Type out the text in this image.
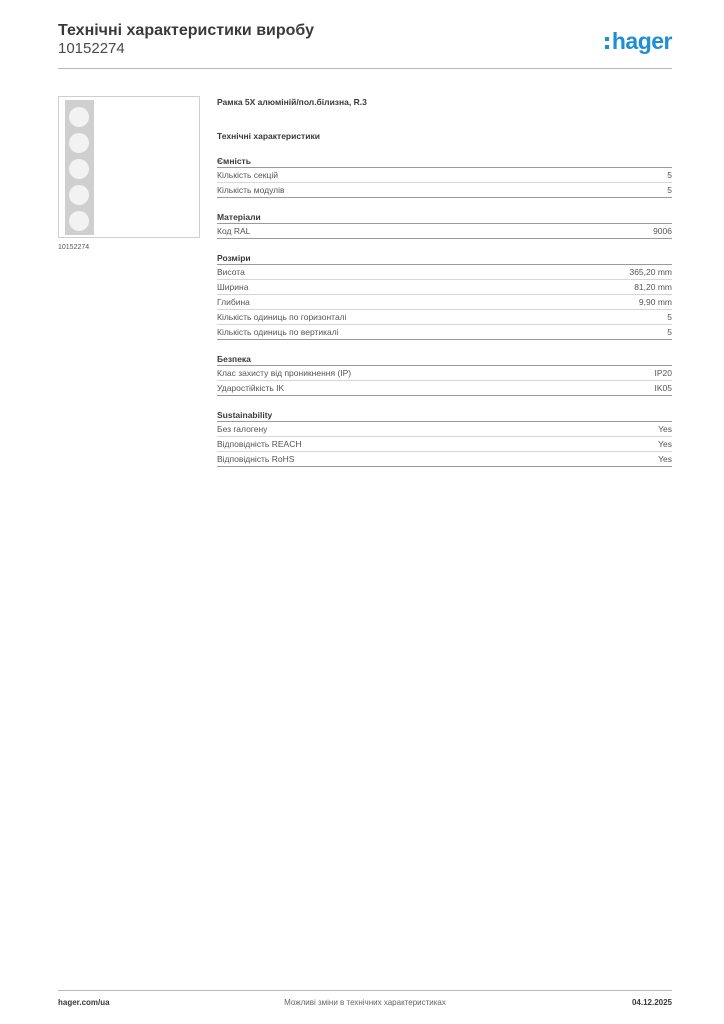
Технічні характеристики виробу
10152274	hager
10152274
Рамка 5X алюміній/пол.білизна, R.3
Технічні характеристики
Ємність
Кількість секцій	5
Кількість модулів	5
Матеріали
Код RAL	9006
Розміри
Висота	365,20 mm
Ширина	81,20 mm
Глибина	9,90 mm
Кількість одиниць по горизонталі	5
Кількість одиниць по вертикалі	5
Безпека
Клас захисту від проникнення (IP)	IP20
Ударостійкість IK	IK05
Sustainability
Без галогену	Yes
Відповідність REACH	Yes
Відповідність RoHS	Yes
Можливі зміни в технічних характеристиках
hager.com/ua	04.12.2025
